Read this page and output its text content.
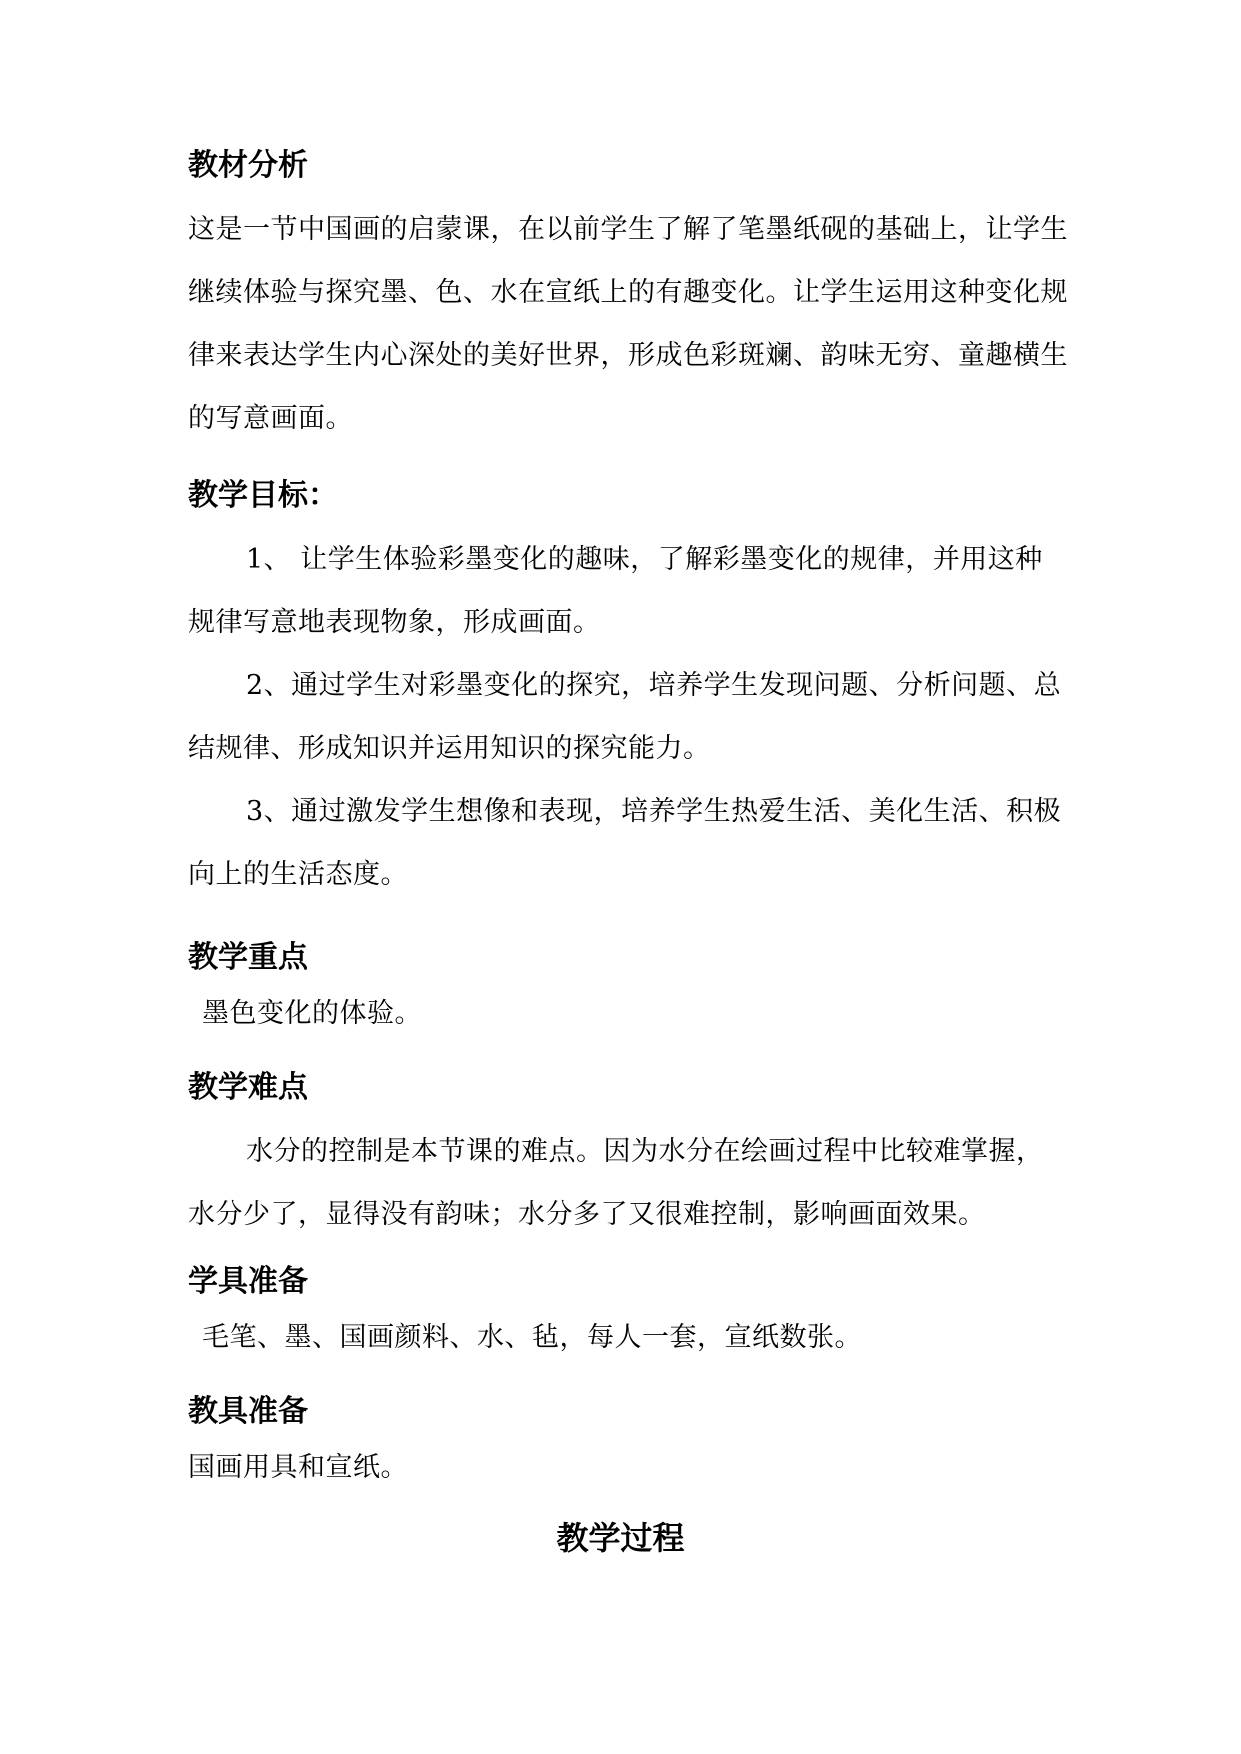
教材分析

这是一节中国画的启蒙课，在以前学生了解了笔墨纸砚的基础上，让学生继续体验与探究墨、色、水在宣纸上的有趣变化。让学生运用这种变化规律来表达学生内心深处的美好世界，形成色彩斑斓、韵味无穷、童趣横生的写意画面。

教学目标：

1、 让学生体验彩墨变化的趣味，了解彩墨变化的规律，并用这种规律写意地表现物象，形成画面。

2、通过学生对彩墨变化的探究，培养学生发现问题、分析问题、总结规律、形成知识并运用知识的探究能力。

3、通过激发学生想像和表现，培养学生热爱生活、美化生活、积极向上的生活态度。

教学重点

墨色变化的体验。

教学难点

水分的控制是本节课的难点。因为水分在绘画过程中比较难掌握，水分少了，显得没有韵味；水分多了又很难控制，影响画面效果。

学具准备

毛笔、墨、国画颜料、水、毡，每人一套，宣纸数张。

教具准备

国画用具和宣纸。

教学过程
